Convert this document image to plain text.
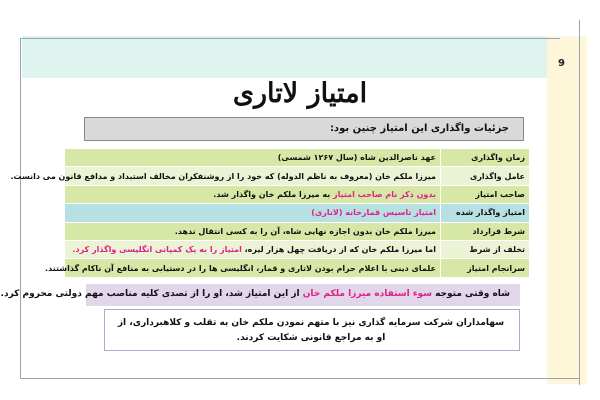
9
امتیاز لاتاری
جزئیات واگذاری این امتیاز چنین بود:
زمان واگذاری	عهد ناصرالدین شاه (سال ۱۲۶۷ شمسی)
عامل واگذاری	میرزا ملکم خان (معروف به ناظم الدوله) که خود را از روشنفکران مخالف استبداد و مدافع قانون می دانست.
صاحب امتیاز	بدون ذکر نام صاحب امتیاز به میرزا ملکم خان واگذار شد.
امتیاز واگذار شده	امتیاز تاسیس قمارخانه (لاتاری)
شرط قرارداد	میرزا ملکم خان بدون اجازه نهایی شاه، آن را به کسی انتقال ندهد.
تخلف از شرط	اما میرزا ملکم خان که از دریافت چهل هزار لیره، امتیاز را به یک کمپانی انگلیسی واگذار کرد.
سرانجام امتیاز	علمای دینی با اعلام حرام بودن لاتاری و قمار، انگلیسی ها را در دستیابی به منافع آن ناکام گذاشتند.
شاه وقتی متوجه سوء استفاده میرزا ملکم خان از این امتیاز شد، او را از تصدی کلیه مناصب مهم دولتی محروم کرد.
سهامداران شرکت سرمایه گذاری نیز با متهم نمودن ملکم خان به تقلب و کلاهبرداری، از او به مراجع قانونی شکایت کردند.
